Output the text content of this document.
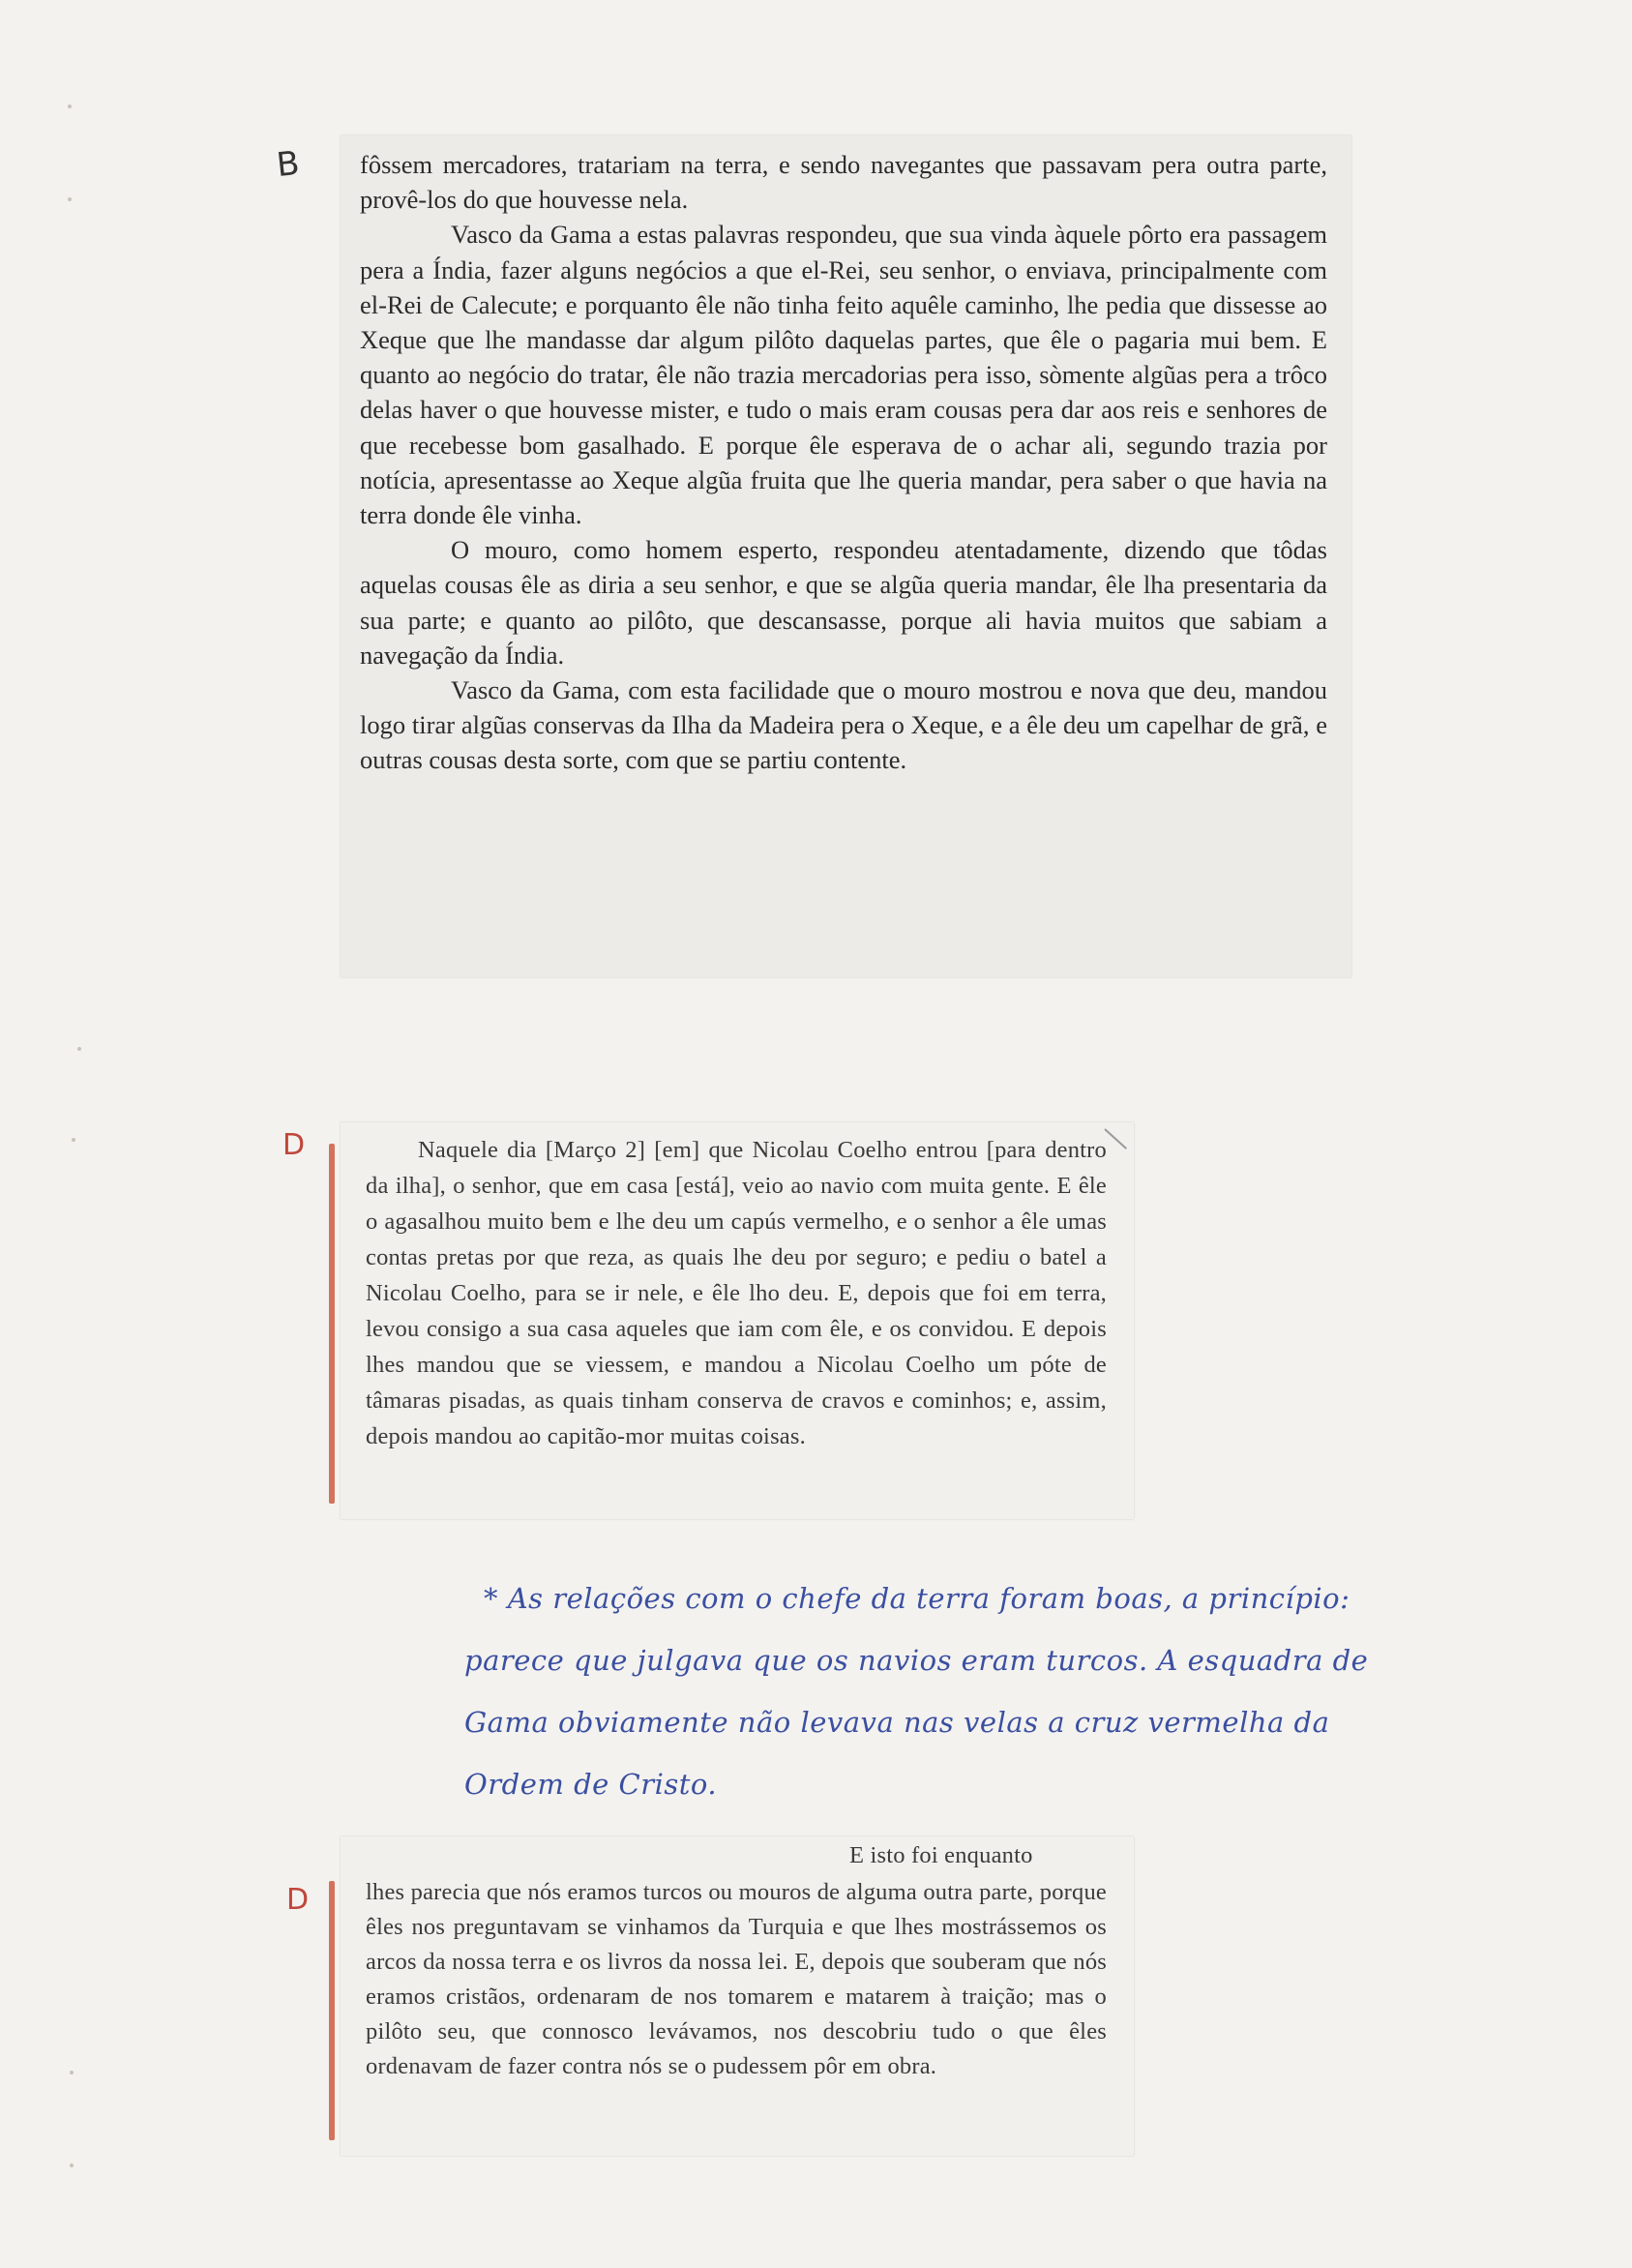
B
D
D

fôssem mercadores, tratariam na terra, e sendo navegantes que passavam pera outra parte, provê-los do que houvesse nela.

Vasco da Gama a estas palavras respondeu, que sua vinda àquele pôrto era passagem pera a Índia, fazer alguns negócios a que el-Rei, seu senhor, o enviava, principalmente com el-Rei de Calecute; e porquanto êle não tinha feito aquêle caminho, lhe pedia que dissesse ao Xeque que lhe mandasse dar algum pilôto daquelas partes, que êle o pagaria mui bem. E quanto ao negócio do tratar, êle não trazia mercadorias pera isso, sòmente algũas pera a trôco delas haver o que houvesse mister, e tudo o mais eram cousas pera dar aos reis e senhores de que recebesse bom gasalhado. E porque êle esperava de o achar ali, segundo trazia por notícia, apresentasse ao Xeque algũa fruita que lhe queria mandar, pera saber o que havia na terra donde êle vinha.

O mouro, como homem esperto, respondeu atentadamente, dizendo que tôdas aquelas cousas êle as diria a seu senhor, e que se algũa queria mandar, êle lha presentaria da sua parte; e quanto ao pilôto, que descansasse, porque ali havia muitos que sabiam a navegação da Índia.

Vasco da Gama, com esta facilidade que o mouro mostrou e nova que deu, mandou logo tirar algũas conservas da Ilha da Madeira pera o Xeque, e a êle deu um capelhar de grã, e outras cousas desta sorte, com que se partiu contente.

Naquele dia [Março 2] [em] que Nicolau Coelho entrou [para dentro da ilha], o senhor, que em casa [está], veio ao navio com muita gente. E êle o agasalhou muito bem e lhe deu um capús vermelho, e o senhor a êle umas contas pretas por que reza, as quais lhe deu por seguro; e pediu o batel a Nicolau Coelho, para se ir nele, e êle lho deu. E, depois que foi em terra, levou consigo a sua casa aqueles que iam com êle, e os convidou. E depois lhes mandou que se viessem, e mandou a Nicolau Coelho um póte de tâmaras pisadas, as quais tinham conserva de cravos e cominhos; e, assim, depois mandou ao capitão-mor muitas coisas.

* As relações com o chefe da terra foram boas, a princípio:
parece que julgava que os navios eram turcos. A esquadra de
Gama obviamente não levava nas velas a cruz vermelha da
Ordem de Cristo.
E isto foi enquanto
lhes parecia que nós eramos turcos ou mouros de alguma outra parte, porque êles nos preguntavam se vinhamos da Turquia e que lhes mostrássemos os arcos da nossa terra e os livros da nossa lei. E, depois que souberam que nós eramos cristãos, ordenaram de nos tomarem e matarem à traição; mas o pilôto seu, que connosco levávamos, nos descobriu tudo o que êles ordenavam de fazer contra nós se o pudessem pôr em obra.
